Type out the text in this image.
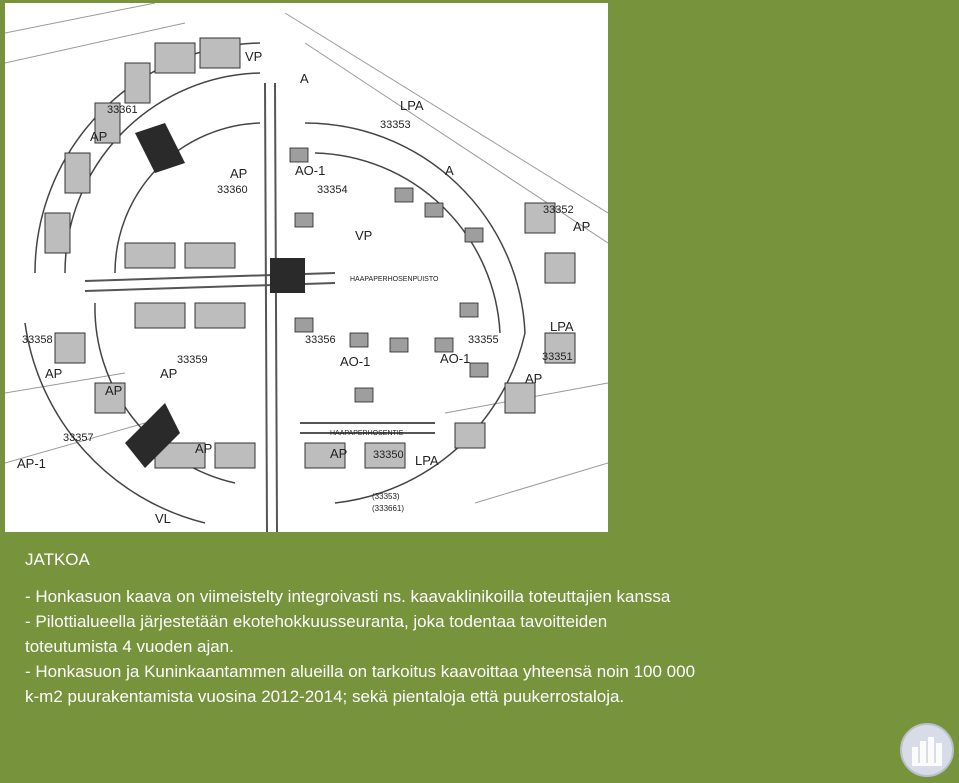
VP
A
A
LPA
33353
33361
AP
AP
33360
AO-1
33354
VP
33352
AP
HAAPAPERHOSENPUISTO
LPA
33358
AP
33356
AO-1
33355
AO-1
33359
AP
33351
AP
AP
33357
AP-1
HAAPAPERHOSENTIE
AP 33350 LPA
AP
(33353)
(333661)
VL
JATKOA

- Honkasuon kaava on viimeistelty integroivasti ns. kaavaklinikoilla toteuttajien kanssa
- Pilottialueella järjestetään ekotehokkuusseuranta, joka todentaa tavoitteiden
toteutumista 4 vuoden ajan.
- Honkasuon ja Kuninkaantammen alueilla on tarkoitus kaavoittaa yhteensä noin 100 000
k-m2 puurakentamista vuosina 2012-2014; sekä pientaloja että puukerrostaloja.
